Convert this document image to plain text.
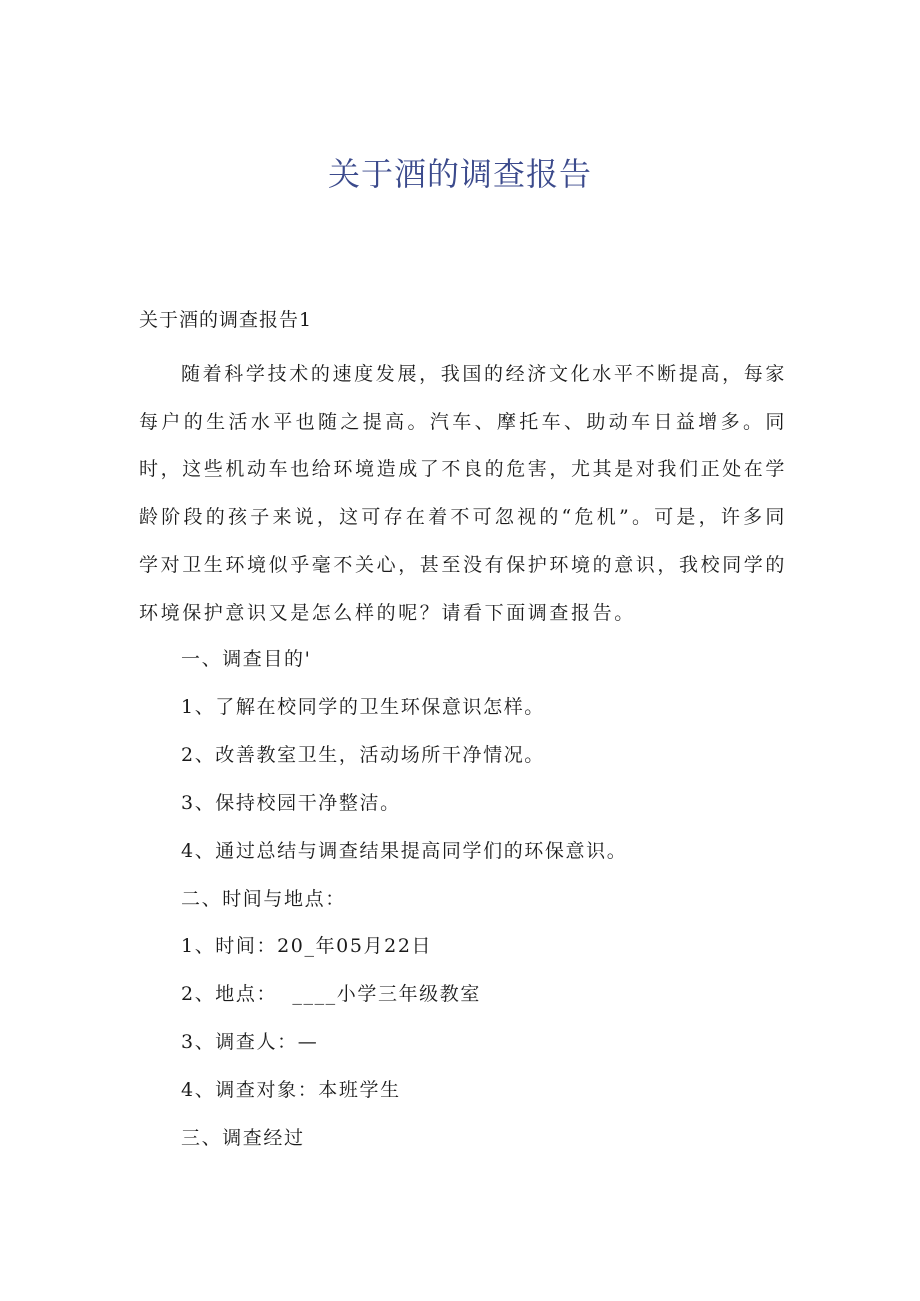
关于酒的调查报告
关于酒的调查报告1

随着科学技术的速度发展，我国的经济文化水平不断提高，每家每户的生活水平也随之提高。汽车、摩托车、助动车日益增多。同时，这些机动车也给环境造成了不良的危害，尤其是对我们正处在学龄阶段的孩子来说，这可存在着不可忽视的“危机”。可是，许多同学对卫生环境似乎毫不关心，甚至没有保护环境的意识，我校同学的环境保护意识又是怎么样的呢？请看下面调查报告。

一、调查目的'
1、了解在校同学的卫生环保意识怎样。
2、改善教室卫生，活动场所干净情况。
3、保持校园干净整洁。
4、通过总结与调查结果提高同学们的环保意识。
二、时间与地点：
1、时间：20_年05月22日
2、地点：  ____小学三年级教室
3、调查人：—
4、调查对象：本班学生
三、调查经过
